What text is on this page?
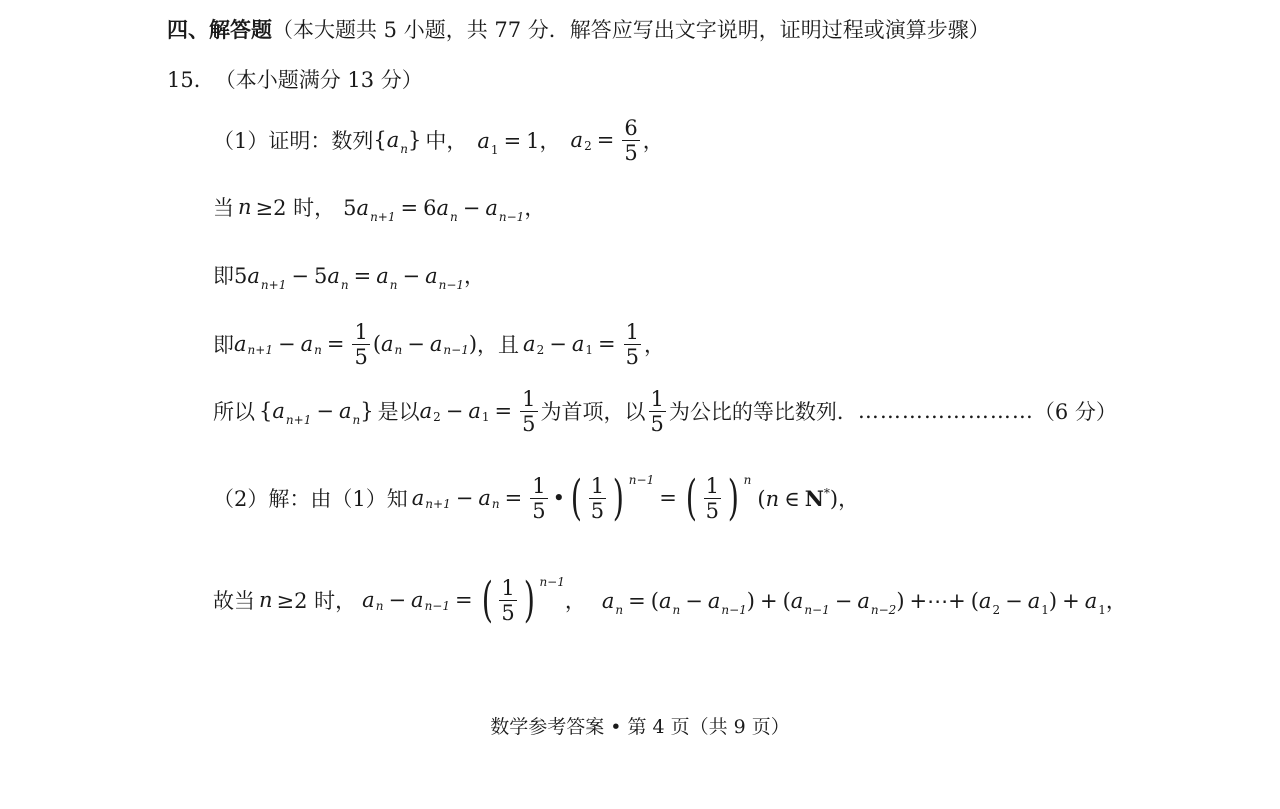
四、解答题 （本大题共 5 小题，共 77 分．解答应写出文字说明，证明过程或演算步骤）
15． （本小题满分 13 分）
（1）证明： 数列 $\{a_n\}$ 中， $a_1 = 1$， a $2 = \frac{6}{5}$ ，
当 n ≥2 时， $5a_{n+1} = 6a_n - a_{n-1}$，
即 $5a_{n+1} - 5a_n = a_n - a_{n-1}$，
即 a n+1 − a $n = \frac{1}{5}$ ( a n − a n−1 ) ，且 a 2 − a $1 = \frac{1}{5}$ ，
所以 $\{a_{n+1} - a_n\}$ 是以 a 2 − a $1 = \frac{1}{5}$ 为首项，以 $\frac{1}{5}$ 为公比的等比数列． …………………… （6 分）
（2）解： 由（1）知 a n+1 − a $n = \frac{1}{5}$ • ( $\frac{1}{5}$ ) n−1
= ( $\frac{1}{5}$ ) n
(n ∈ N*)，
故当 n ≥2 时， a n − a n−1 = ( $\frac{1}{5}$ ) n−1
， $a_n = (a_n - a_{n-1}) + (a_{n-1} - a_{n-2})$ +⋯+ $(a_2 - a_1) + a_1$，
数学参考答案 • 第 4 页（共 9 页）
